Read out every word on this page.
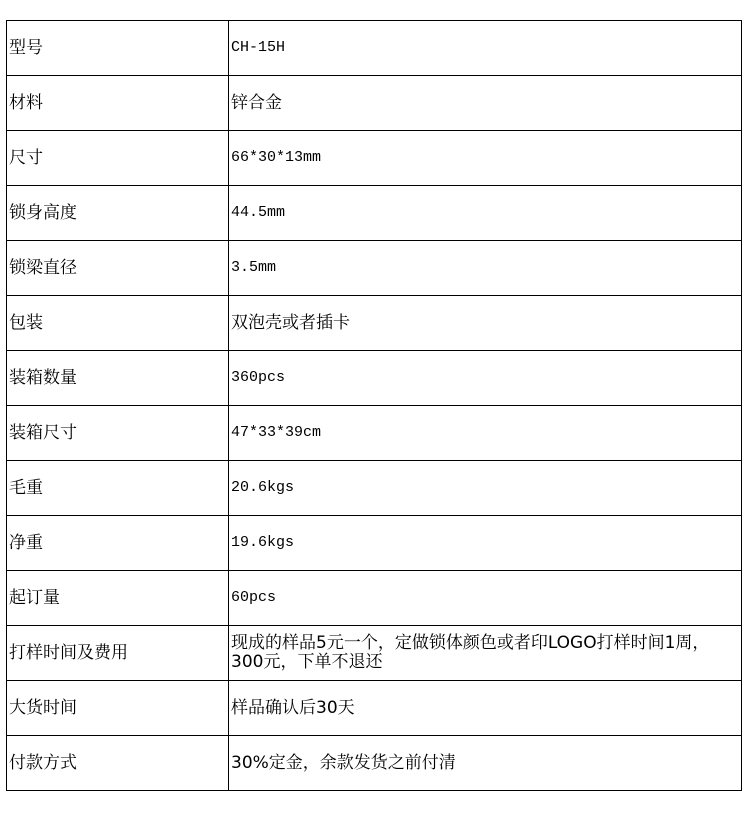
型号	CH-15H
材料	锌合金
尺寸	66*30*13mm
锁身高度	44.5mm
锁梁直径	3.5mm
包装	双泡壳或者插卡
装箱数量	360pcs
装箱尺寸	47*33*39cm
毛重	20.6kgs
净重	19.6kgs
起订量	60pcs
打样时间及费用	现成的样品5元一个，定做锁体颜色或者印LOGO打样时间1周，300元，下单不退还
大货时间	样品确认后30天
付款方式	30%定金，余款发货之前付清
